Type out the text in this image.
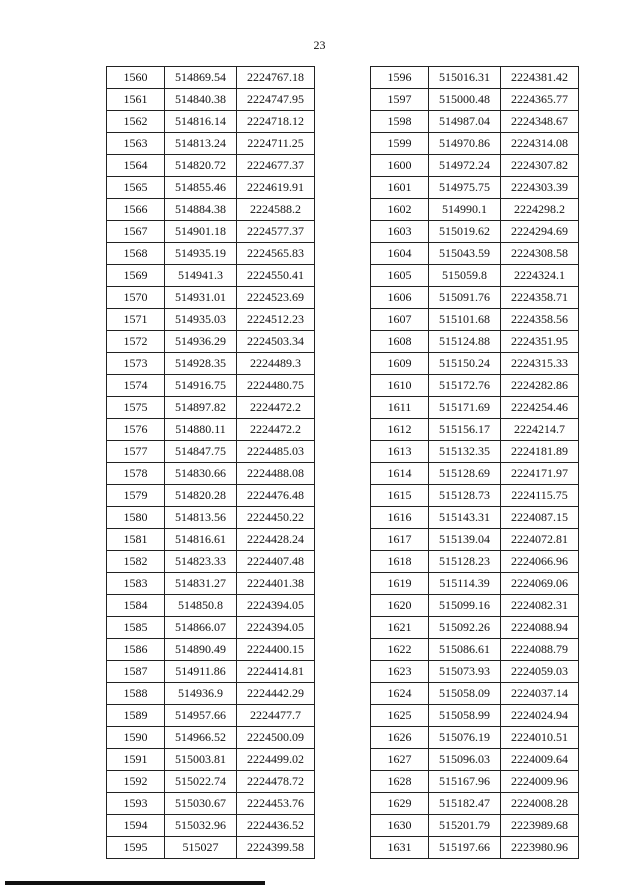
23
1560	514869.54	2224767.18
1561	514840.38	2224747.95
1562	514816.14	2224718.12
1563	514813.24	2224711.25
1564	514820.72	2224677.37
1565	514855.46	2224619.91
1566	514884.38	2224588.2
1567	514901.18	2224577.37
1568	514935.19	2224565.83
1569	514941.3	2224550.41
1570	514931.01	2224523.69
1571	514935.03	2224512.23
1572	514936.29	2224503.34
1573	514928.35	2224489.3
1574	514916.75	2224480.75
1575	514897.82	2224472.2
1576	514880.11	2224472.2
1577	514847.75	2224485.03
1578	514830.66	2224488.08
1579	514820.28	2224476.48
1580	514813.56	2224450.22
1581	514816.61	2224428.24
1582	514823.33	2224407.48
1583	514831.27	2224401.38
1584	514850.8	2224394.05
1585	514866.07	2224394.05
1586	514890.49	2224400.15
1587	514911.86	2224414.81
1588	514936.9	2224442.29
1589	514957.66	2224477.7
1590	514966.52	2224500.09
1591	515003.81	2224499.02
1592	515022.74	2224478.72
1593	515030.67	2224453.76
1594	515032.96	2224436.52
1595	515027	2224399.58
1596	515016.31	2224381.42
1597	515000.48	2224365.77
1598	514987.04	2224348.67
1599	514970.86	2224314.08
1600	514972.24	2224307.82
1601	514975.75	2224303.39
1602	514990.1	2224298.2
1603	515019.62	2224294.69
1604	515043.59	2224308.58
1605	515059.8	2224324.1
1606	515091.76	2224358.71
1607	515101.68	2224358.56
1608	515124.88	2224351.95
1609	515150.24	2224315.33
1610	515172.76	2224282.86
1611	515171.69	2224254.46
1612	515156.17	2224214.7
1613	515132.35	2224181.89
1614	515128.69	2224171.97
1615	515128.73	2224115.75
1616	515143.31	2224087.15
1617	515139.04	2224072.81
1618	515128.23	2224066.96
1619	515114.39	2224069.06
1620	515099.16	2224082.31
1621	515092.26	2224088.94
1622	515086.61	2224088.79
1623	515073.93	2224059.03
1624	515058.09	2224037.14
1625	515058.99	2224024.94
1626	515076.19	2224010.51
1627	515096.03	2224009.64
1628	515167.96	2224009.96
1629	515182.47	2224008.28
1630	515201.79	2223989.68
1631	515197.66	2223980.96
